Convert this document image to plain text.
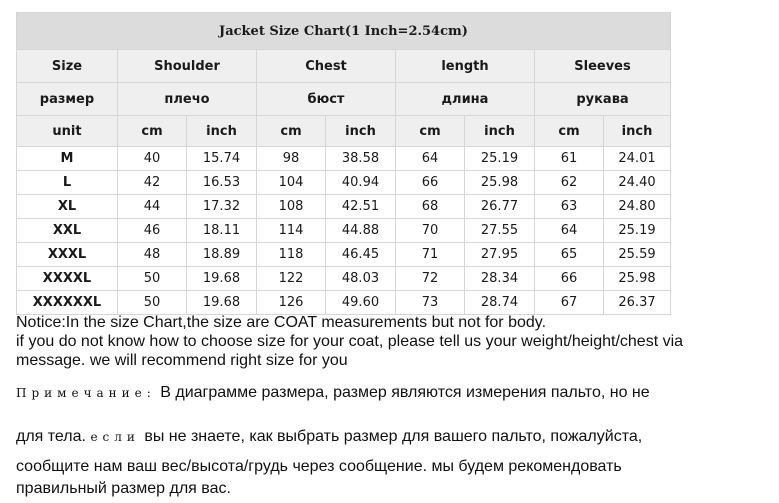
Jacket Size Chart(1 Inch=2.54cm)								
Size	Shoulder		Chest		length		Sleeves	
размер	плечо		бюст		длина		рукава	
unit	cm	inch	cm	inch	cm	inch	cm	inch
M	40	15.74	98	38.58	64	25.19	61	24.01
L	42	16.53	104	40.94	66	25.98	62	24.40
XL	44	17.32	108	42.51	68	26.77	63	24.80
XXL	46	18.11	114	44.88	70	27.55	64	25.19
XXXL	48	18.89	118	46.45	71	27.95	65	25.59
XXXXL	50	19.68	122	48.03	72	28.34	66	25.98
XXXXXXL	50	19.68	126	49.60	73	28.74	67	26.37
Notice:In the size Chart,the size are COAT measurements but not for body.
if you do not know how to choose size for your coat, please tell us your weight/height/chest via
message. we will recommend right size for you
Примечание: В диаграмме размера, размер являются измерения пальто, но не
для тела. если вы не знаете, как выбрать размер для вашего пальто, пожалуйста,
сообщите нам ваш вес/высота/грудь через сообщение. мы будем рекомендовать
правильный размер для вас.
